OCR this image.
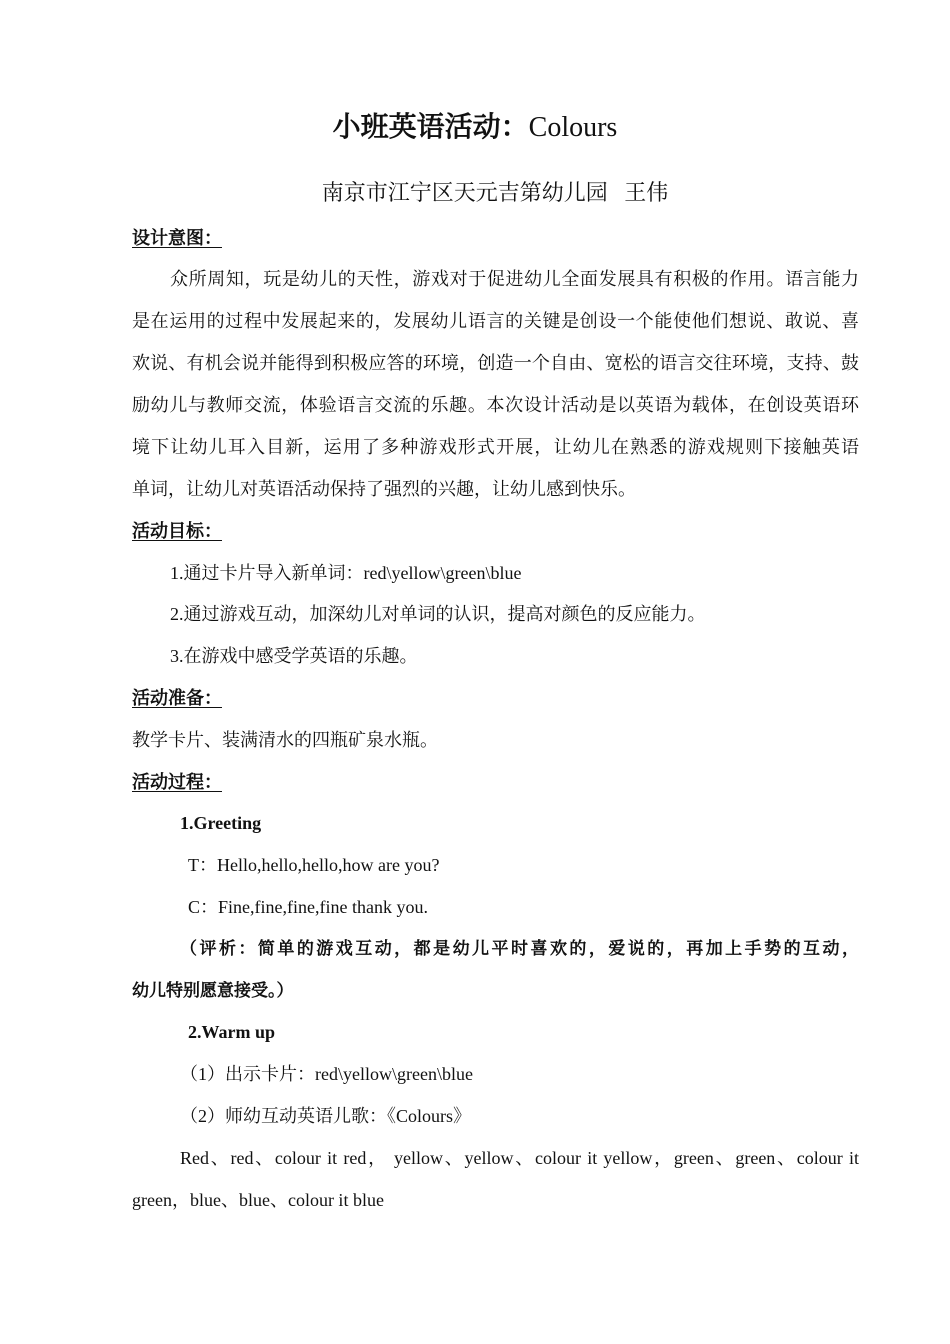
小班英语活动：Colours
南京市江宁区天元吉第幼儿园   王伟
设计意图：
众所周知，玩是幼儿的天性，游戏对于促进幼儿全面发展具有积极的作用。语言能力
是在运用的过程中发展起来的，发展幼儿语言的关键是创设一个能使他们想说、敢说、喜
欢说、有机会说并能得到积极应答的环境，创造一个自由、宽松的语言交往环境，支持、鼓
励幼儿与教师交流，体验语言交流的乐趣。本次设计活动是以英语为载体，在创设英语环
境下让幼儿耳入目新，运用了多种游戏形式开展，让幼儿在熟悉的游戏规则下接触英语
单词，让幼儿对英语活动保持了强烈的兴趣，让幼儿感到快乐。
活动目标：
1.通过卡片导入新单词：red\yellow\green\blue
2.通过游戏互动，加深幼儿对单词的认识，提高对颜色的反应能力。
3.在游戏中感受学英语的乐趣。
活动准备：
教学卡片、装满清水的四瓶矿泉水瓶。
活动过程：
1.Greeting
T：Hello,hello,hello,how are you?
C：Fine,fine,fine,fine thank you.
（评析：简单的游戏互动，都是幼儿平时喜欢的，爱说的，再加上手势的互动，
幼儿特别愿意接受。）
2.Warm up
（1）出示卡片：red\yellow\green\blue
（2）师幼互动英语儿歌：《Colours》
Red、red、colour it red， yellow、yellow、colour it yellow，green、green、colour it
green，blue、blue、colour it blue
